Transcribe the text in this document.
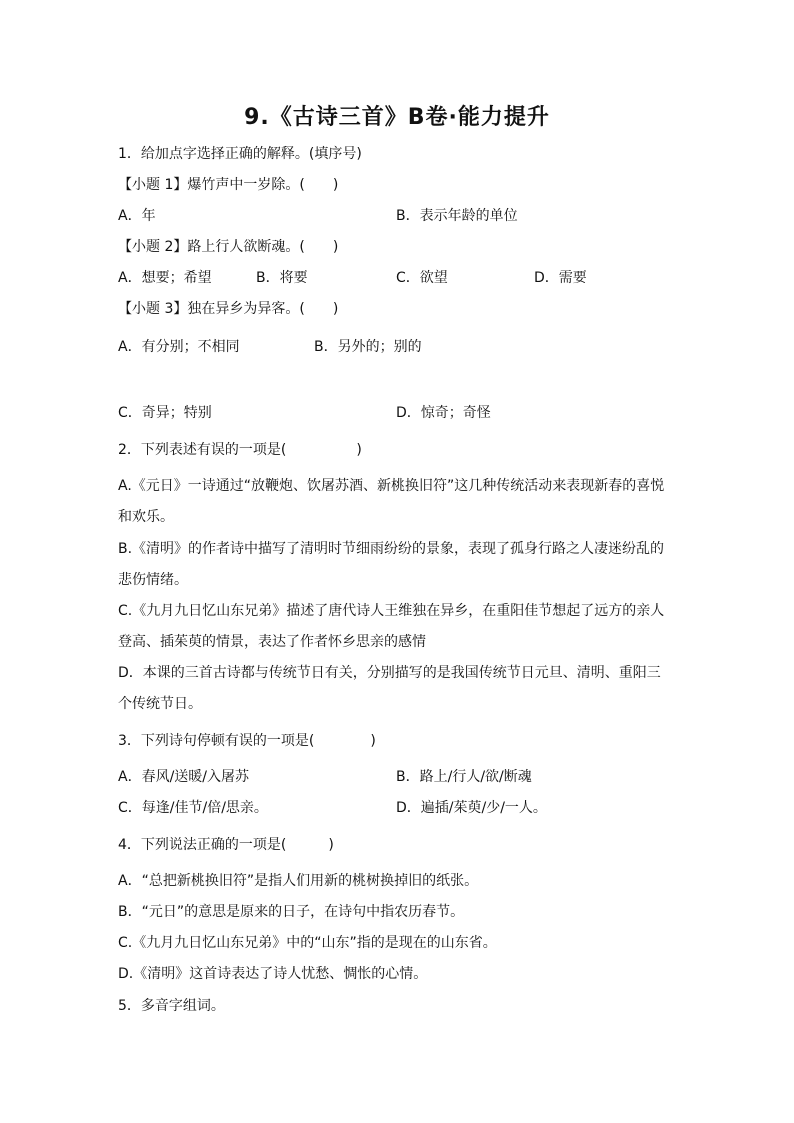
9.《古诗三首》B卷·能力提升
1．给加点字选择正确的解释。(填序号)
【小题 1】爆竹声中一岁除。(　　)
A．年	B．表示年龄的单位
【小题 2】路上行人欲断魂。(　　)
A．想要；希望	B．将要	C．欲望	D．需要
【小题 3】独在异乡为异客。(　　)
A．有分别；不相同	B．另外的；别的
C．奇异；特别	D．惊奇；奇怪
2．下列表述有误的一项是(　　　　　)
A.《元日》一诗通过“放鞭炮、饮屠苏酒、新桃换旧符”这几种传统活动来表现新春的喜悦
和欢乐。
B.《清明》的作者诗中描写了清明时节细雨纷纷的景象，表现了孤身行路之人凄迷纷乱的
悲伤情绪。
C.《九月九日忆山东兄弟》描述了唐代诗人王维独在异乡，在重阳佳节想起了远方的亲人
登高、插茱萸的情景，表达了作者怀乡思亲的感情
D．本课的三首古诗都与传统节日有关，分别描写的是我国传统节日元旦、清明、重阳三
个传统节日。
3．下列诗句停顿有误的一项是(　　　　)
A．春风/送暖/入屠苏	B．路上/行人/欲/断魂
C．每逢/佳节/倍/思亲。	D．遍插/茱萸/少/一人。
4．下列说法正确的一项是(　　　)
A．“总把新桃换旧符”是指人们用新的桃树换掉旧的纸张。
B．“元日”的意思是原来的日子，在诗句中指农历春节。
C.《九月九日忆山东兄弟》中的“山东”指的是现在的山东省。
D.《清明》这首诗表达了诗人忧愁、惆怅的心情。
5．多音字组词。
